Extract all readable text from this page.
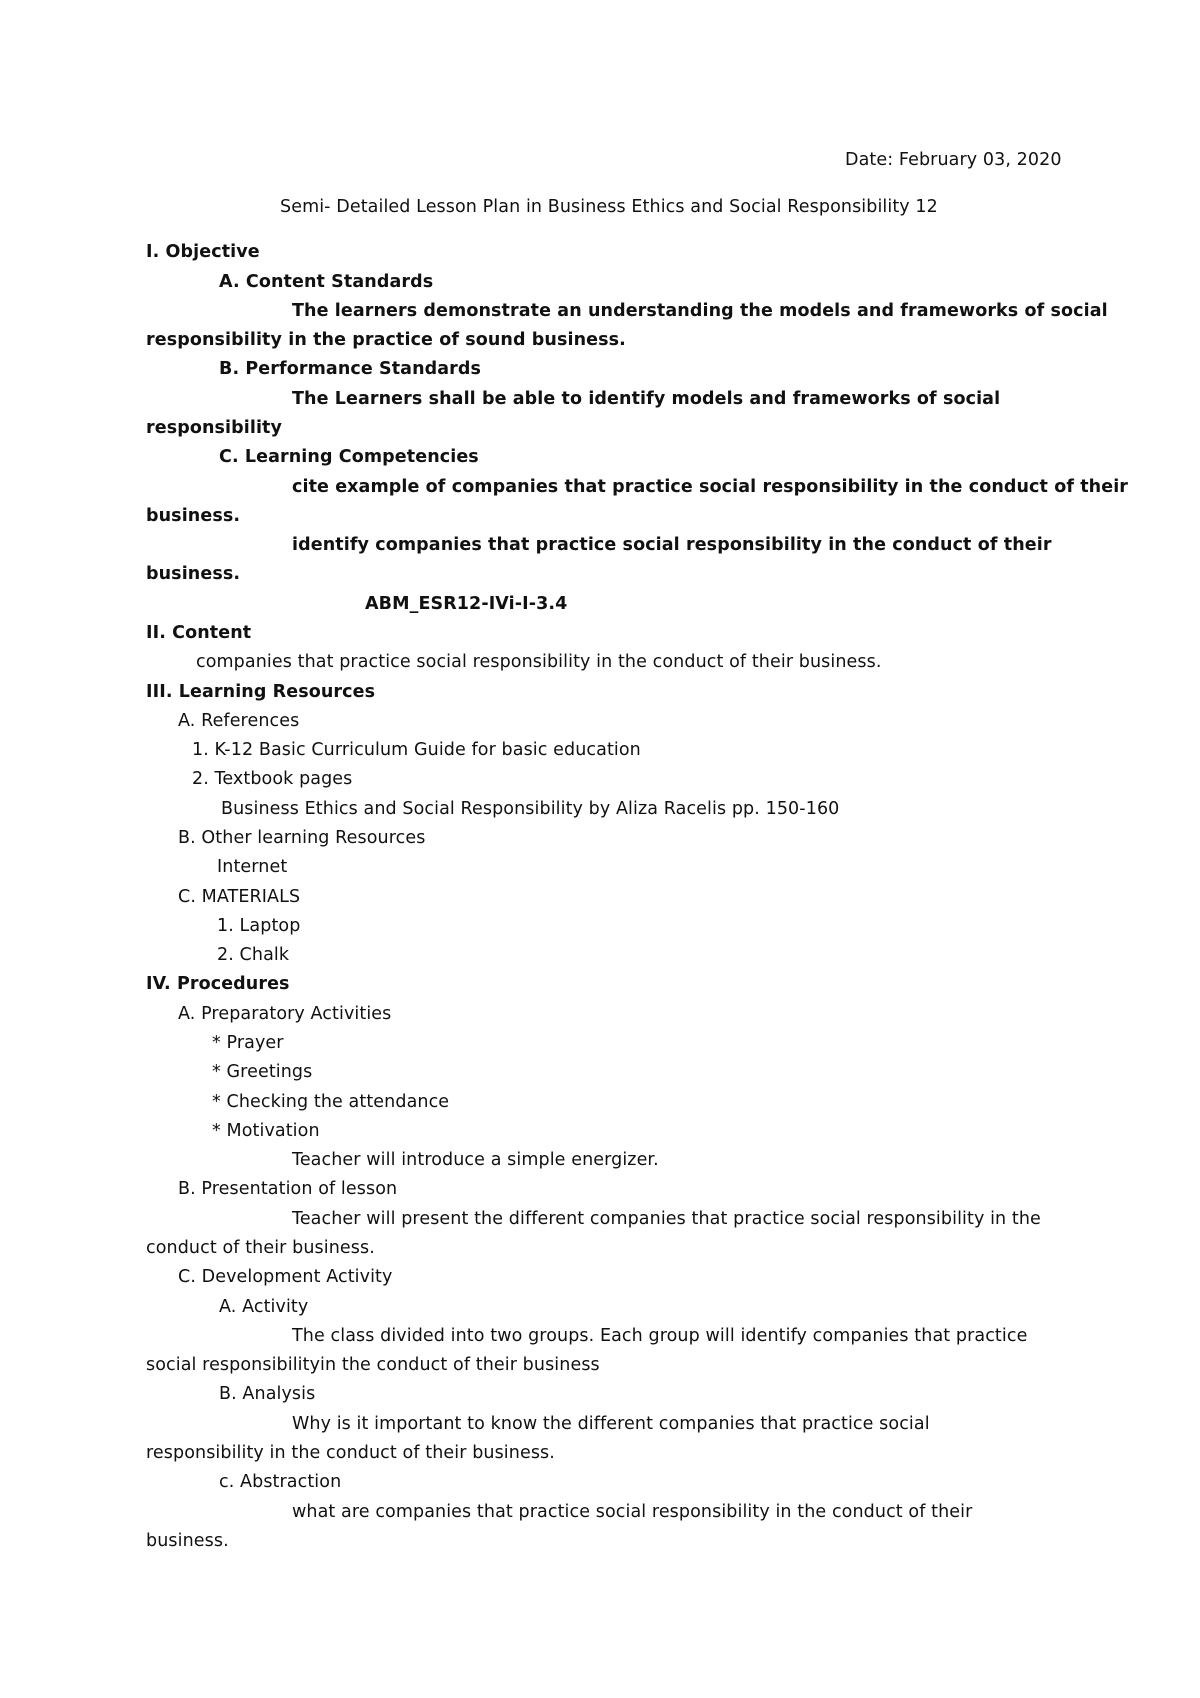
Date: February 03, 2020
Semi- Detailed Lesson Plan in Business Ethics and Social Responsibility 12
I. Objective
A. Content Standards
The learners demonstrate an understanding the models and frameworks of social
responsibility in the practice of sound business.
B. Performance Standards
The Learners shall be able to identify models and frameworks of social
responsibility
C. Learning Competencies
cite example of companies that practice social responsibility in the conduct of their
business.
identify companies that practice social responsibility in the conduct of their
business.
ABM_ESR12-IVi-I-3.4
II. Content
companies that practice social responsibility in the conduct of their business.
III. Learning Resources
A. References
1. K-12 Basic Curriculum Guide for basic education
2. Textbook pages
Business Ethics and Social Responsibility by Aliza Racelis pp. 150-160
B. Other learning Resources
Internet
C. MATERIALS
1. Laptop
2. Chalk
IV. Procedures
A. Preparatory Activities
* Prayer
* Greetings
* Checking the attendance
* Motivation
Teacher will introduce a simple energizer.
B. Presentation of lesson
Teacher will present the different companies that practice social responsibility in the
conduct of their business.
C. Development Activity
A. Activity
The class divided into two groups. Each group will identify companies that practice
social responsibilityin the conduct of their business
B. Analysis
Why is it important to know the different companies that practice social
responsibility in the conduct of their business.
c. Abstraction
what are companies that practice social responsibility in the conduct of their
business.
